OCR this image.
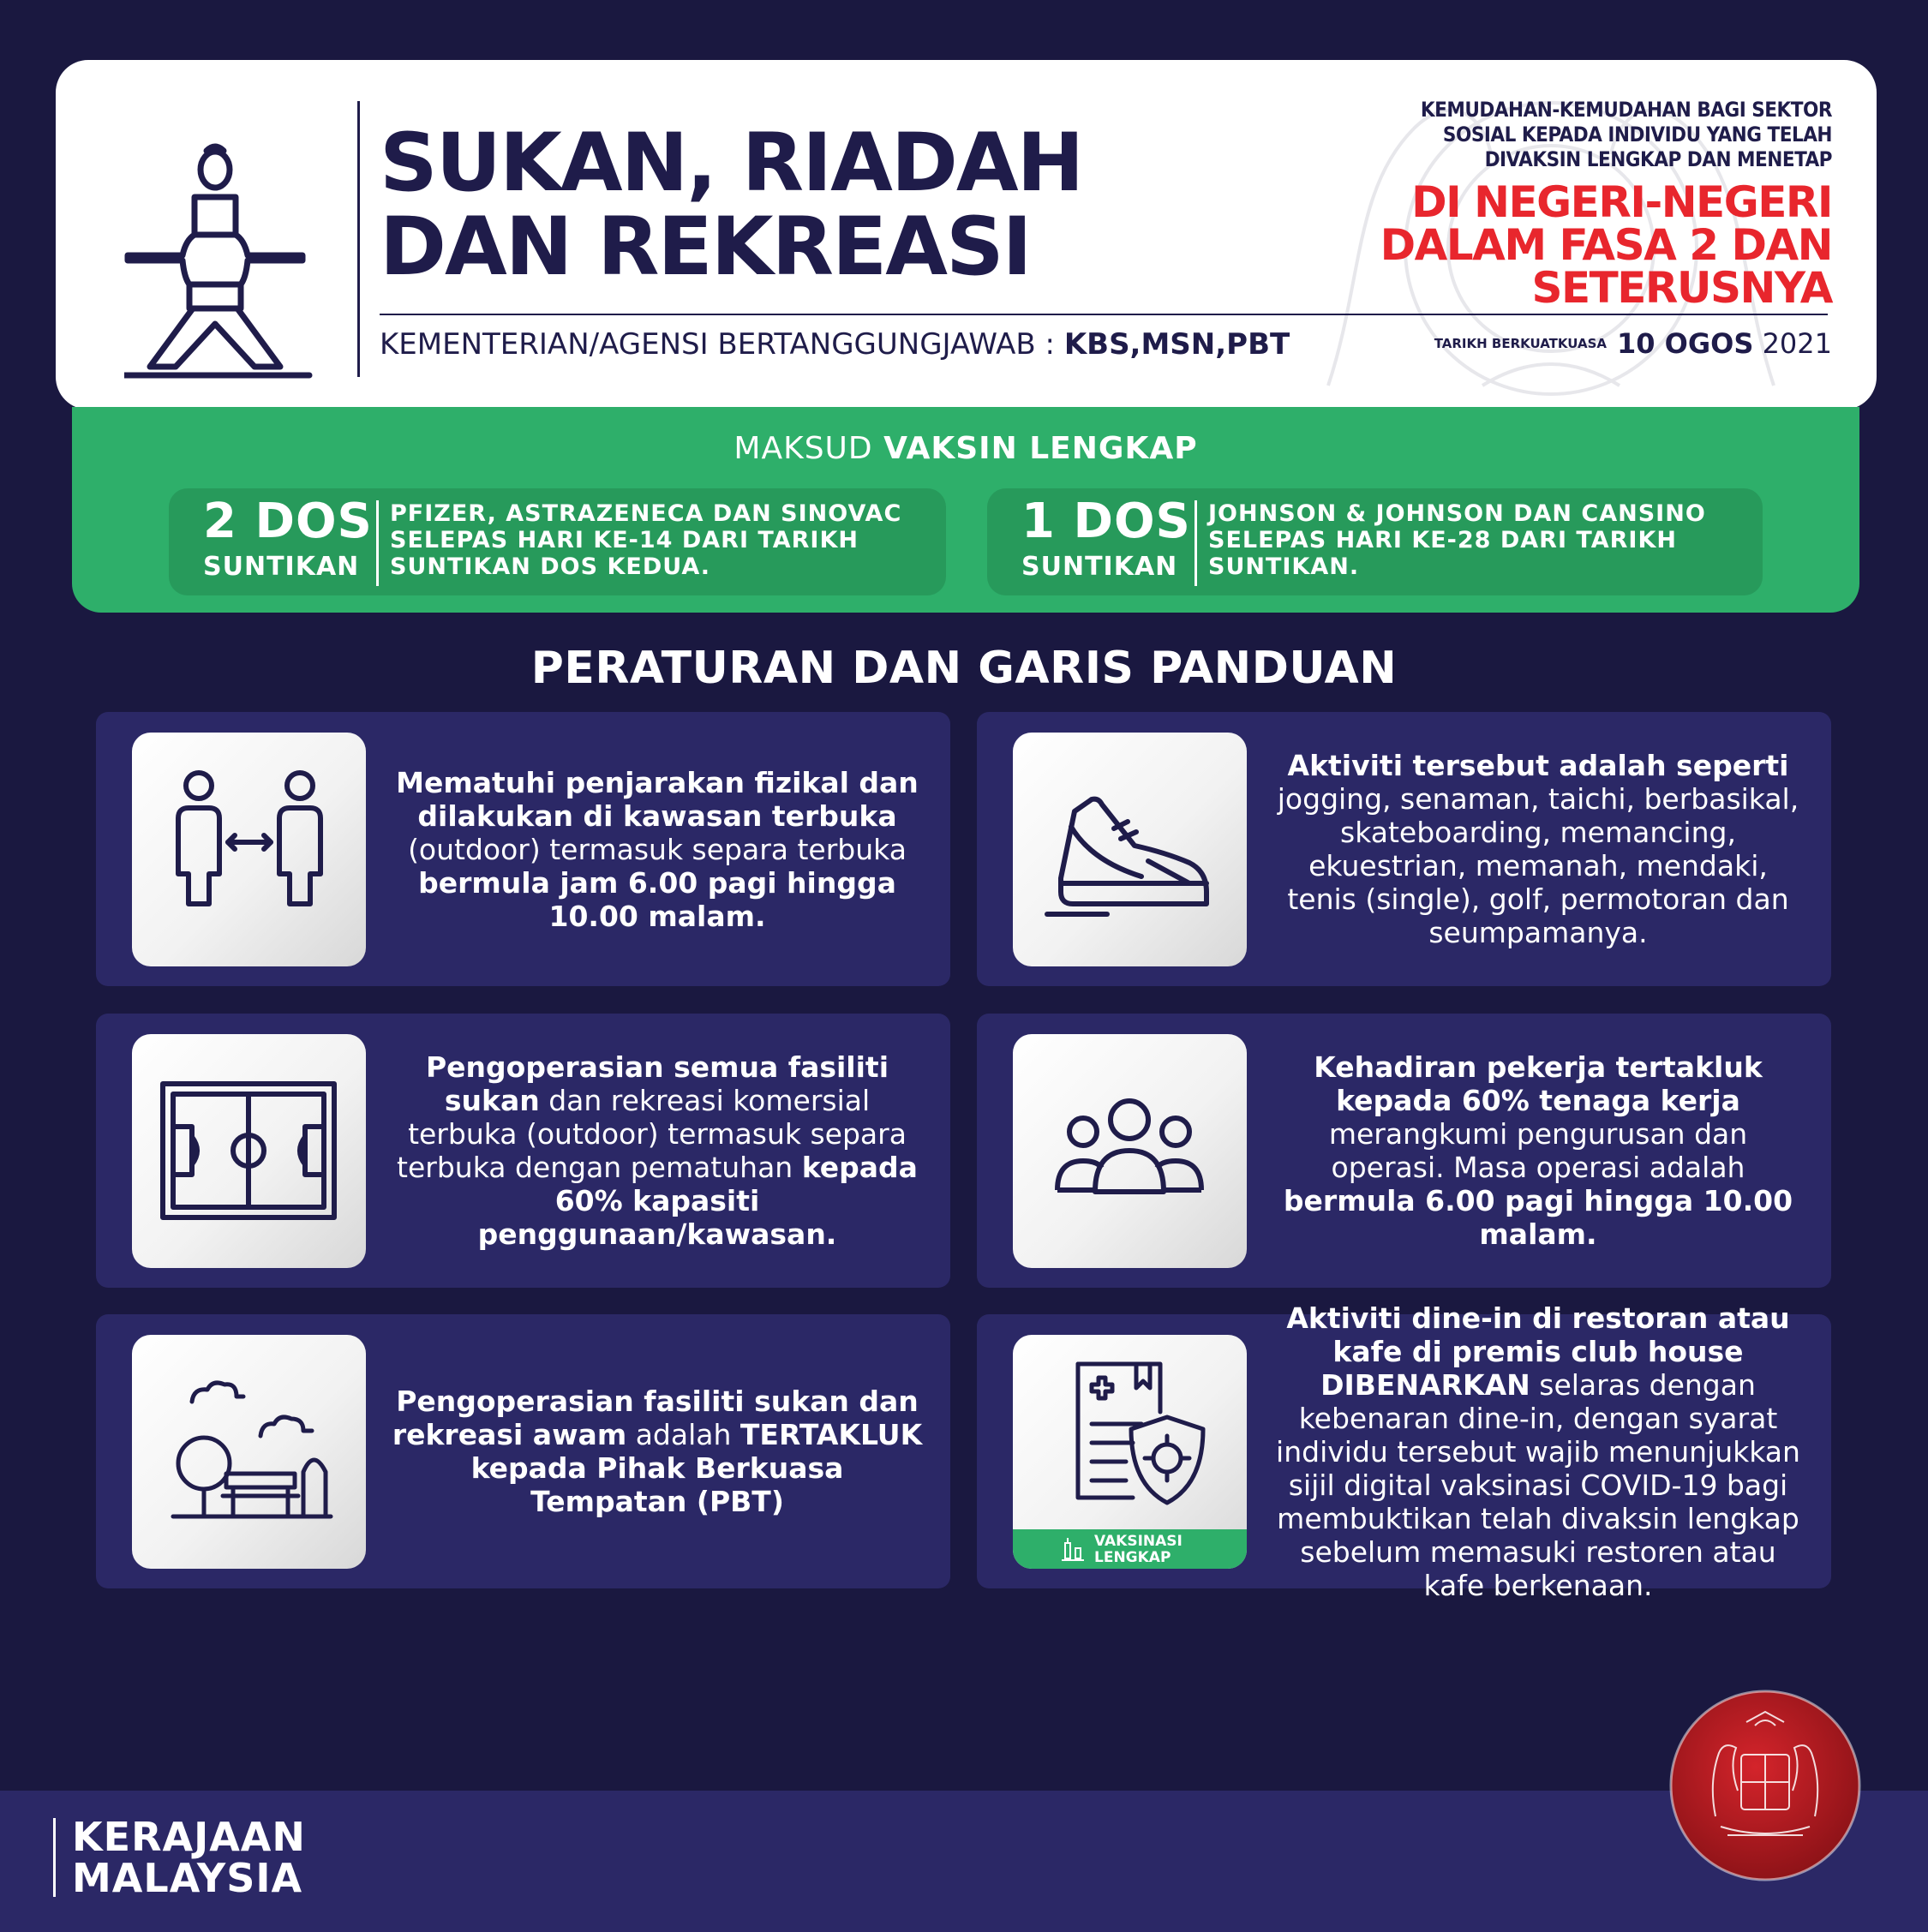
SUKAN, RIADAH
DAN REKREASI
KEMENTERIAN/AGENSI BERTANGGUNGJAWAB : KBS,MSN,PBT
KEMUDAHAN-KEMUDAHAN BAGI SEKTOR
SOSIAL KEPADA INDIVIDU YANG TELAH
DIVAKSIN LENGKAP DAN MENETAP
DI NEGERI-NEGERI
DALAM FASA 2 DAN
SETERUSNYA
TARIKH BERKUATKUASA 10 OGOS 2021
MAKSUD VAKSIN LENGKAP
2 DOS
SUNTIKAN
PFIZER, ASTRAZENECA DAN SINOVAC
SELEPAS HARI KE-14 DARI TARIKH
SUNTIKAN DOS KEDUA.
1 DOS
SUNTIKAN
JOHNSON & JOHNSON DAN CANSINO
SELEPAS HARI KE-28 DARI TARIKH
SUNTIKAN.
PERATURAN DAN GARIS PANDUAN

Mematuhi penjarakan fizikal dan dilakukan di kawasan terbuka (outdoor) termasuk separa terbuka bermula jam 6.00 pagi hingga 10.00 malam.

Aktiviti tersebut adalah seperti jogging, senaman, taichi, berbasikal, skateboarding, memancing, ekuestrian, memanah, mendaki, tenis (single), golf, permotoran dan seumpamanya.

Pengoperasian semua fasiliti sukan dan rekreasi komersial terbuka (outdoor) termasuk separa terbuka dengan pematuhan kepada 60% kapasiti penggunaan/kawasan.

Kehadiran pekerja tertakluk kepada 60% tenaga kerja merangkumi pengurusan dan operasi. Masa operasi adalah bermula 6.00 pagi hingga 10.00 malam.

Pengoperasian fasiliti sukan dan rekreasi awam adalah TERTAKLUK kepada Pihak Berkuasa Tempatan (PBT)

VAKSINASI
LENGKAP

Aktiviti dine-in di restoran atau kafe di premis club house DIBENARKAN selaras dengan kebenaran dine-in, dengan syarat individu tersebut wajib menunjukkan sijil digital vaksinasi COVID-19 bagi membuktikan telah divaksin lengkap sebelum memasuki restoren atau kafe berkenaan.

KERAJAAN
MALAYSIA
